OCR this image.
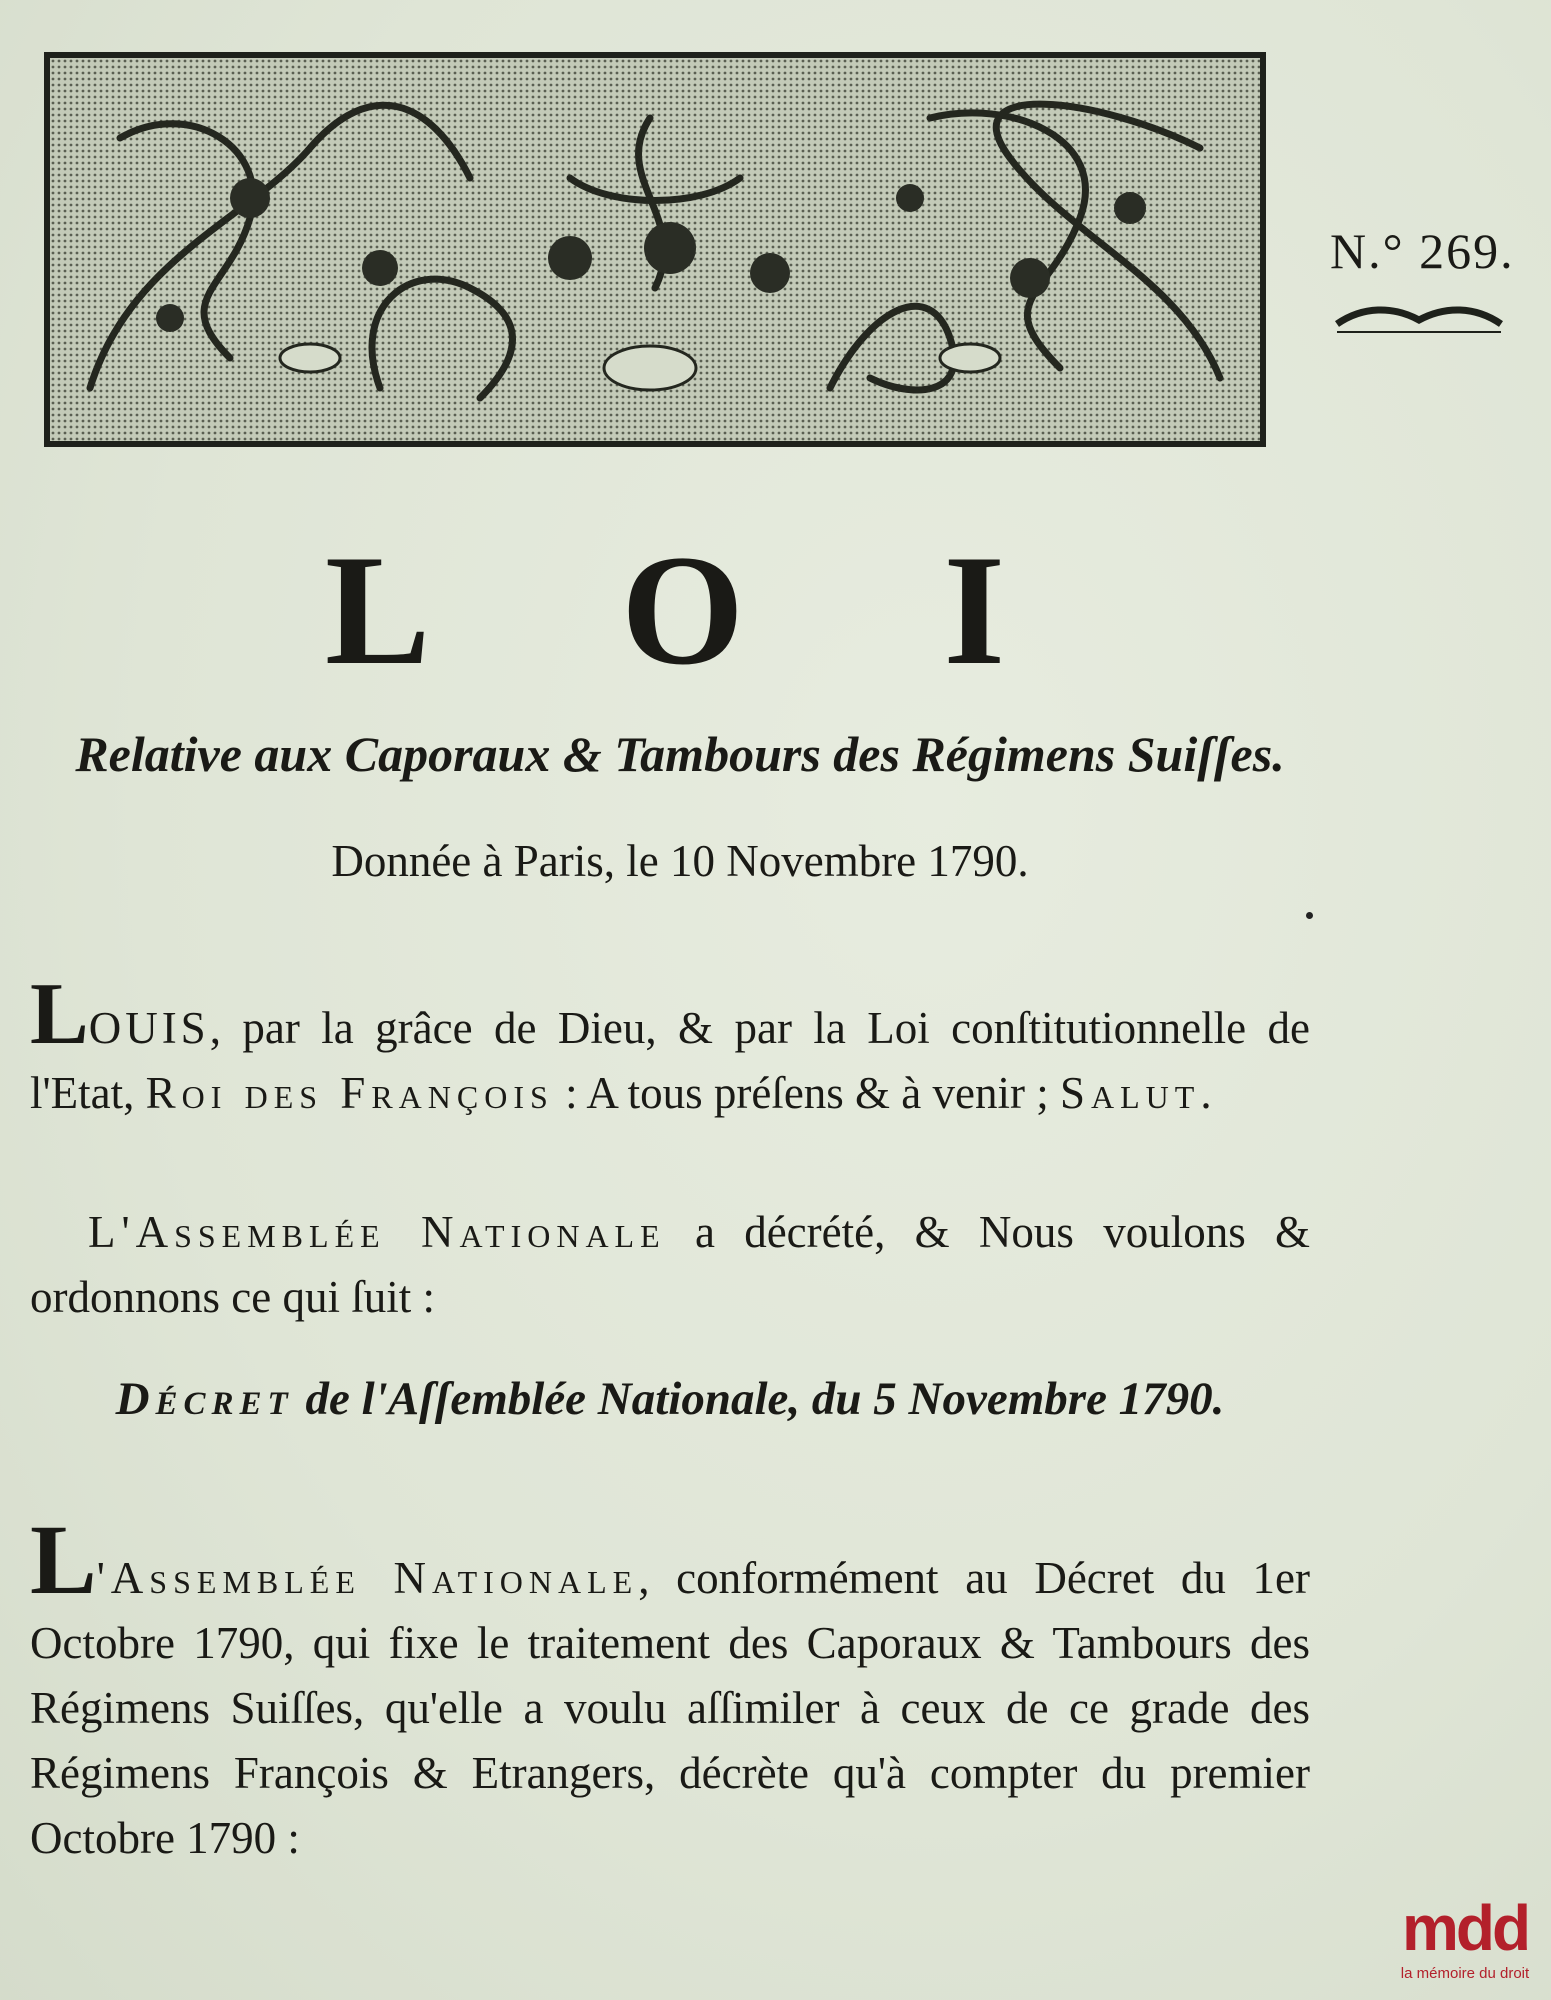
N.° 269.
L O I
Relative aux Caporaux & Tambours des Régimens Suiſſes.
Donnée à Paris, le 10 Novembre 1790.
LOUIS, par la grâce de Dieu, & par la Loi conſtitutionnelle de l'Etat, Roi des François : A tous préſens & à venir ; Salut.
L'Assemblée Nationale a décrété, & Nous voulons & ordonnons ce qui ſuit :
Décret de l'Aſſemblée Nationale, du 5 Novembre 1790.
L'Assemblée Nationale, conformément au Décret du 1er Octobre 1790, qui fixe le traitement des Caporaux & Tambours des Régimens Suiſſes, qu'elle a voulu aſſimiler à ceux de ce grade des Régimens François & Etrangers, décrète qu'à compter du premier Octobre 1790 :
mdd
la mémoire du droit
